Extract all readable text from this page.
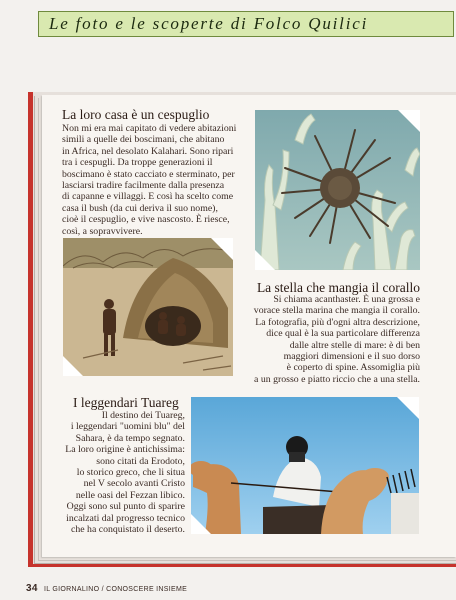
Le foto e le scoperte di Folco Quilici
La loro casa è un cespuglio
Non mi era mai capitato di vedere abitazioni
simili a quelle dei boscimani, che abitano
in Africa, nel desolato Kalahari. Sono ripari
tra i cespugli. Da troppe generazioni il
boscimano è stato cacciato e sterminato, per
lasciarsi tradire facilmente dalla presenza
di capanne e villaggi. E così ha scelto come
casa il bush (da cui deriva il suo nome),
cioè il cespuglio, e vive nascosto. È riesce,
così, a sopravvivere.
La stella che mangia il corallo
Si chiama acanthaster. È una grossa e
vorace stella marina che mangia il corallo.
La fotografia, più d'ogni altra descrizione,
dice qual è la sua particolare differenza
dalle altre stelle di mare: è di ben
maggiori dimensioni e il suo dorso
è coperto di spine. Assomiglia più
a un grosso e piatto riccio che a una stella.
I leggendari Tuareg
Il destino dei Tuareg,
i leggendari "uomini blu" del
Sahara, è da tempo segnato.
La loro origine è antichissima:
sono citati da Erodoto,
lo storico greco, che li situa
nel V secolo avanti Cristo
nelle oasi del Fezzan libico.
Oggi sono sul punto di sparire
incalzati dal progresso tecnico
che ha conquistato il deserto.
34 IL GIORNALINO / CONOSCERE INSIEME
